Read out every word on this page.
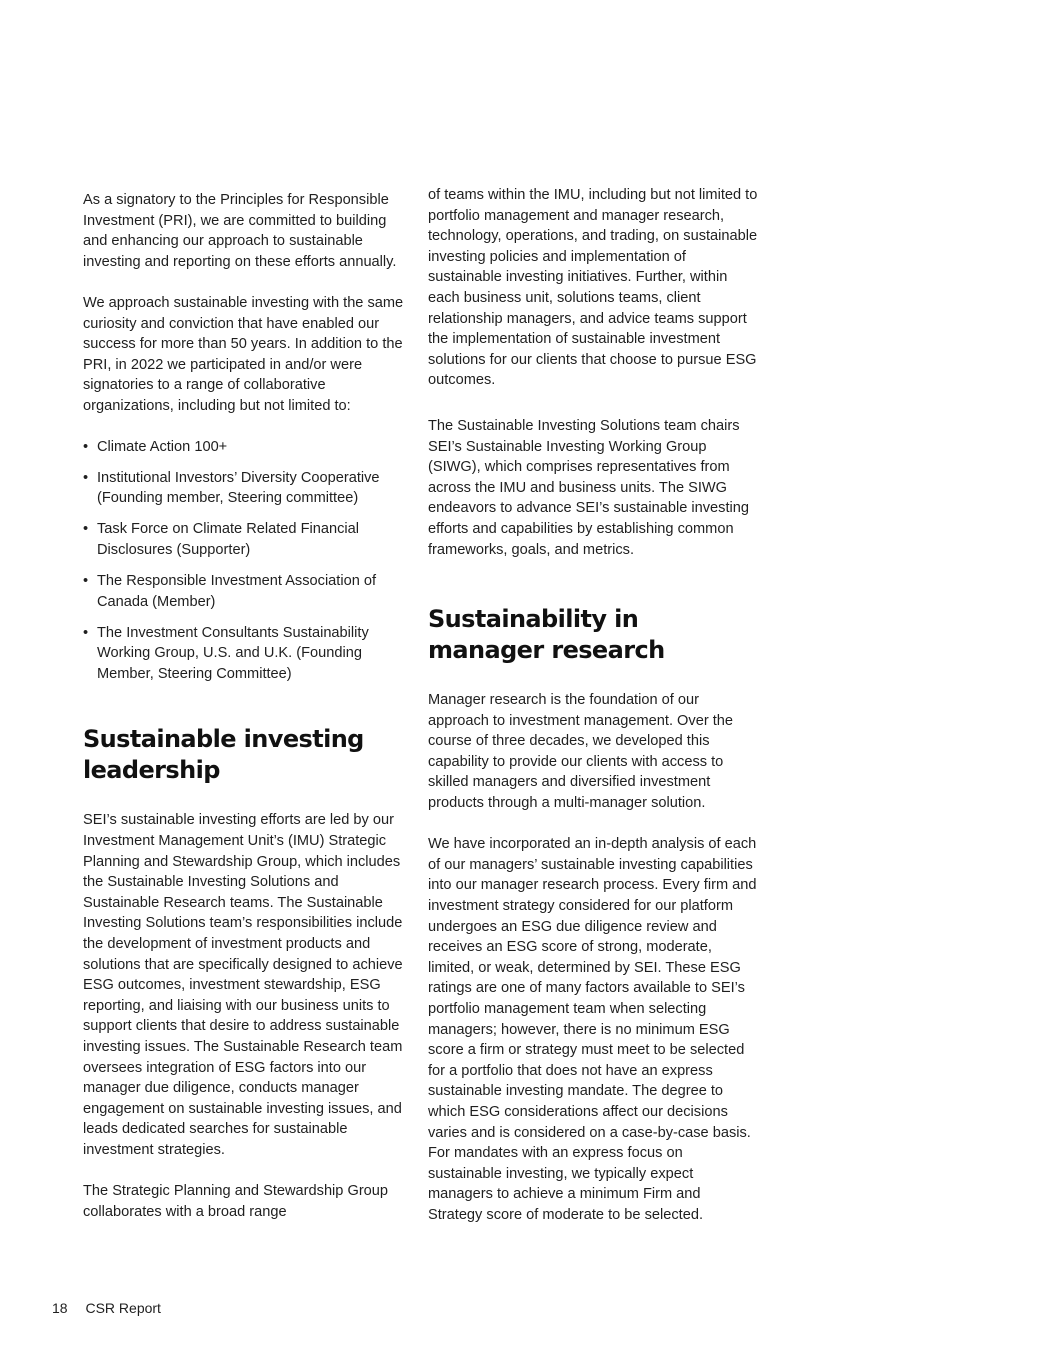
As a signatory to the Principles for Responsible Investment (PRI), we are committed to building and enhancing our approach to sustainable investing and reporting on these efforts annually.

We approach sustainable investing with the same curiosity and conviction that have enabled our success for more than 50 years. In addition to the PRI, in 2022 we participated in and/or were signatories to a range of collaborative organizations, including but not limited to:

• Climate Action 100+
• Institutional Investors’ Diversity Cooperative (Founding member, Steering committee)
• Task Force on Climate Related Financial Disclosures (Supporter)
• The Responsible Investment Association of Canada (Member)
• The Investment Consultants Sustainability Working Group, U.S. and U.K. (Founding Member, Steering Committee)
Sustainable investing leadership

SEI’s sustainable investing efforts are led by our Investment Management Unit’s (IMU) Strategic Planning and Stewardship Group, which includes the Sustainable Investing Solutions and Sustainable Research teams. The Sustainable Investing Solutions team’s responsibilities include the development of investment products and solutions that are specifically designed to achieve ESG outcomes, investment stewardship, ESG reporting, and liaising with our business units to support clients that desire to address sustainable investing issues. The Sustainable Research team oversees integration of ESG factors into our manager due diligence, conducts manager engagement on sustainable investing issues, and leads dedicated searches for sustainable investment strategies.

The Strategic Planning and Stewardship Group collaborates with a broad range

of teams within the IMU, including but not limited to portfolio management and manager research, technology, operations, and trading, on sustainable investing policies and implementation of sustainable investing initiatives. Further, within each business unit, solutions teams, client relationship managers, and advice teams support the implementation of sustainable investment solutions for our clients that choose to pursue ESG outcomes.

The Sustainable Investing Solutions team chairs SEI’s Sustainable Investing Working Group (SIWG), which comprises representatives from across the IMU and business units. The SIWG endeavors to advance SEI’s sustainable investing efforts and capabilities by establishing common frameworks, goals, and metrics.

Sustainability in manager research

Manager research is the foundation of our approach to investment management. Over the course of three decades, we developed this capability to provide our clients with access to skilled managers and diversified investment products through a multi-manager solution.

We have incorporated an in-depth analysis of each of our managers’ sustainable investing capabilities into our manager research process. Every firm and investment strategy considered for our platform undergoes an ESG due diligence review and receives an ESG score of strong, moderate, limited, or weak, determined by SEI. These ESG ratings are one of many factors available to SEI’s portfolio management team when selecting managers; however, there is no minimum ESG score a firm or strategy must meet to be selected for a portfolio that does not have an express sustainable investing mandate. The degree to which ESG considerations affect our decisions varies and is considered on a case-by-case basis. For mandates with an express focus on sustainable investing, we typically expect managers to achieve a minimum Firm and Strategy score of moderate to be selected.

18 CSR Report
